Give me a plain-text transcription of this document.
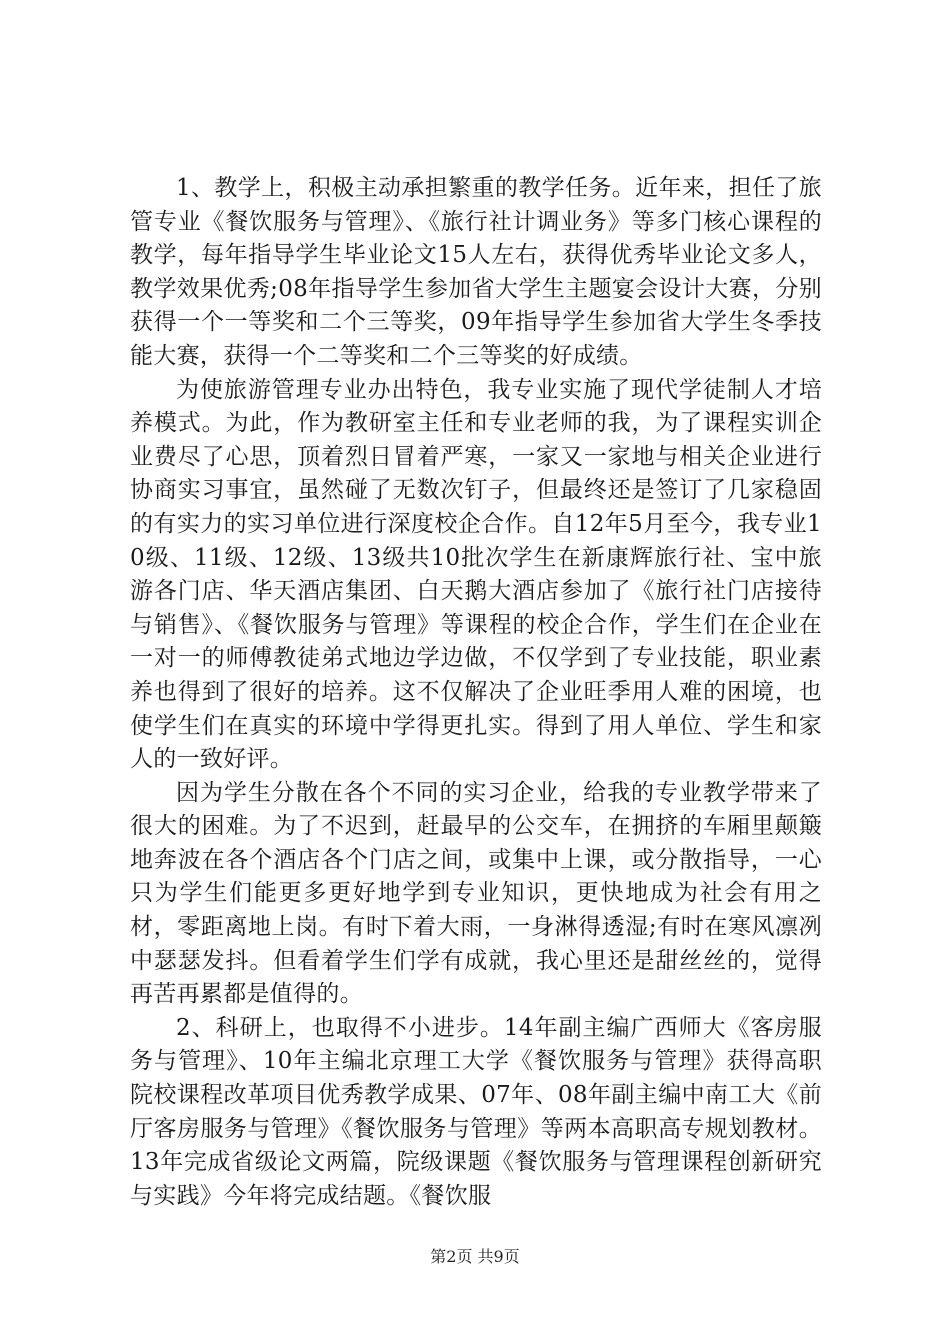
1、教学上，积极主动承担繁重的教学任务。近年来，担任了旅管专业《餐饮服务与管理》、《旅行社计调业务》等多门核心课程的教学，每年指导学生毕业论文15人左右，获得优秀毕业论文多人，教学效果优秀;08年指导学生参加省大学生主题宴会设计大赛，分别获得一个一等奖和二个三等奖，09年指导学生参加省大学生冬季技能大赛，获得一个二等奖和二个三等奖的好成绩。

为使旅游管理专业办出特色，我专业实施了现代学徒制人才培养模式。为此，作为教研室主任和专业老师的我，为了课程实训企业费尽了心思，顶着烈日冒着严寒，一家又一家地与相关企业进行协商实习事宜，虽然碰了无数次钉子，但最终还是签订了几家稳固的有实力的实习单位进行深度校企合作。自12年5月至今，我专业10级、11级、12级、13级共10批次学生在新康辉旅行社、宝中旅游各门店、华天酒店集团、白天鹅大酒店参加了《旅行社门店接待与销售》、《餐饮服务与管理》等课程的校企合作，学生们在企业在一对一的师傅教徒弟式地边学边做，不仅学到了专业技能，职业素养也得到了很好的培养。这不仅解决了企业旺季用人难的困境，也使学生们在真实的环境中学得更扎实。得到了用人单位、学生和家人的一致好评。

因为学生分散在各个不同的实习企业，给我的专业教学带来了很大的困难。为了不迟到，赶最早的公交车，在拥挤的车厢里颠簸地奔波在各个酒店各个门店之间，或集中上课，或分散指导，一心只为学生们能更多更好地学到专业知识，更快地成为社会有用之材，零距离地上岗。有时下着大雨，一身淋得透湿;有时在寒风凛冽中瑟瑟发抖。但看着学生们学有成就，我心里还是甜丝丝的，觉得再苦再累都是值得的。

2、科研上，也取得不小进步。14年副主编广西师大《客房服务与管理》、10年主编北京理工大学《餐饮服务与管理》获得高职院校课程改革项目优秀教学成果、07年、08年副主编中南工大《前厅客房服务与管理》《餐饮服务与管理》等两本高职高专规划教材。13年完成省级论文两篇，院级课题《餐饮服务与管理课程创新研究与实践》今年将完成结题。《餐饮服

第2页 共9页
